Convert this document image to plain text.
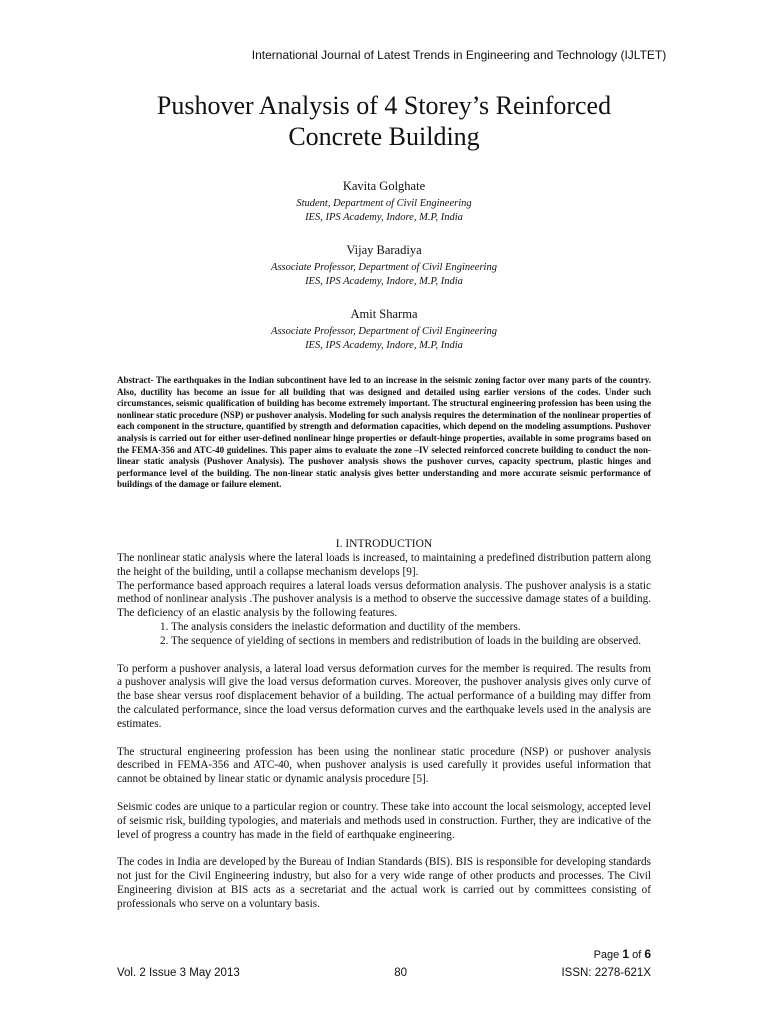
International Journal of Latest Trends in Engineering and Technology (IJLTET)
Pushover Analysis of 4 Storey’s Reinforced
Concrete Building
Kavita Golghate
Student, Department of Civil Engineering
IES, IPS Academy, Indore, M.P, India
Vijay Baradiya
Associate Professor, Department of Civil Engineering
IES, IPS Academy, Indore, M.P, India
Amit Sharma
Associate Professor, Department of Civil Engineering
IES, IPS Academy, Indore, M.P, India
Abstract- The earthquakes in the Indian subcontinent have led to an increase in the seismic zoning factor over many parts of the country. Also, ductility has become an issue for all building that was designed and detailed using earlier versions of the codes. Under such circumstances, seismic qualification of building has become extremely important. The structural engineering profession has been using the nonlinear static procedure (NSP) or pushover analysis. Modeling for such analysis requires the determination of the nonlinear properties of each component in the structure, quantified by strength and deformation capacities, which depend on the modeling assumptions. Pushover analysis is carried out for either user-defined nonlinear hinge properties or default-hinge properties, available in some programs based on the FEMA-356 and ATC-40 guidelines. This paper aims to evaluate the zone –IV selected reinforced concrete building to conduct the non-linear static analysis (Pushover Analysis). The pushover analysis shows the pushover curves, capacity spectrum, plastic hinges and performance level of the building. The non-linear static analysis gives better understanding and more accurate seismic performance of buildings of the damage or failure element.
I. INTRODUCTION

The nonlinear static analysis where the lateral loads is increased, to maintaining a predefined distribution pattern along the height of the building, until a collapse mechanism develops [9].

The performance based approach requires a lateral loads versus deformation analysis. The pushover analysis is a static method of nonlinear analysis .The pushover analysis is a method to observe the successive damage states of a building. The deficiency of an elastic analysis by the following features.

1. The analysis considers the inelastic deformation and ductility of the members.

2. The sequence of yielding of sections in members and redistribution of loads in the building are observed.

To perform a pushover analysis, a lateral load versus deformation curves for the member is required. The results from a pushover analysis will give the load versus deformation curves. Moreover, the pushover analysis gives only curve of the base shear versus roof displacement behavior of a building. The actual performance of a building may differ from the calculated performance, since the load versus deformation curves and the earthquake levels used in the analysis are estimates.

The structural engineering profession has been using the nonlinear static procedure (NSP) or pushover analysis described in FEMA-356 and ATC-40, when pushover analysis is used carefully it provides useful information that cannot be obtained by linear static or dynamic analysis procedure [5].

Seismic codes are unique to a particular region or country. These take into account the local seismology, accepted level of seismic risk, building typologies, and materials and methods used in construction. Further, they are indicative of the level of progress a country has made in the field of earthquake engineering.

The codes in India are developed by the Bureau of Indian Standards (BIS). BIS is responsible for developing standards not just for the Civil Engineering industry, but also for a very wide range of other products and processes. The Civil Engineering division at BIS acts as a secretariat and the actual work is carried out by committees consisting of professionals who serve on a voluntary basis.

Page 1 of 6
Vol. 2 Issue 3 May 2013	80	ISSN: 2278-621X
